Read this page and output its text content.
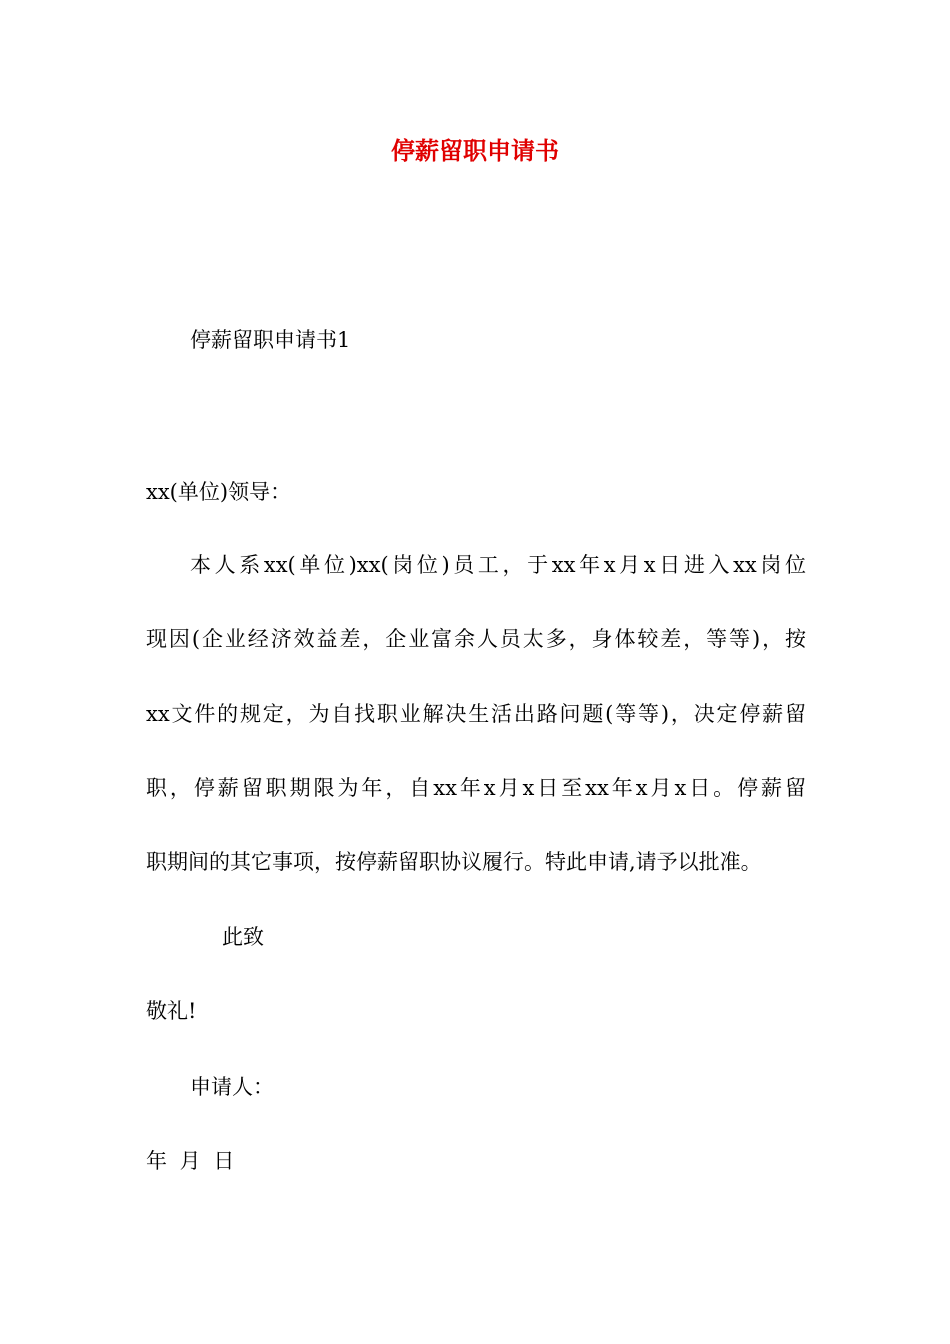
停薪留职申请书
停薪留职申请书1
xx(单位)领导：
本人系xx(单位)xx(岗位)员工，于xx年x月x日进入xx岗位
现因(企业经济效益差，企业富余人员太多，身体较差，等等)，按
xx文件的规定，为自找职业解决生活出路问题(等等)，决定停薪留
职，停薪留职期限为年，自xx年x月x日至xx年x月x日。停薪留
职期间的其它事项，按停薪留职协议履行。特此申请,请予以批准。
此致
敬礼!
申请人：
年 月 日
